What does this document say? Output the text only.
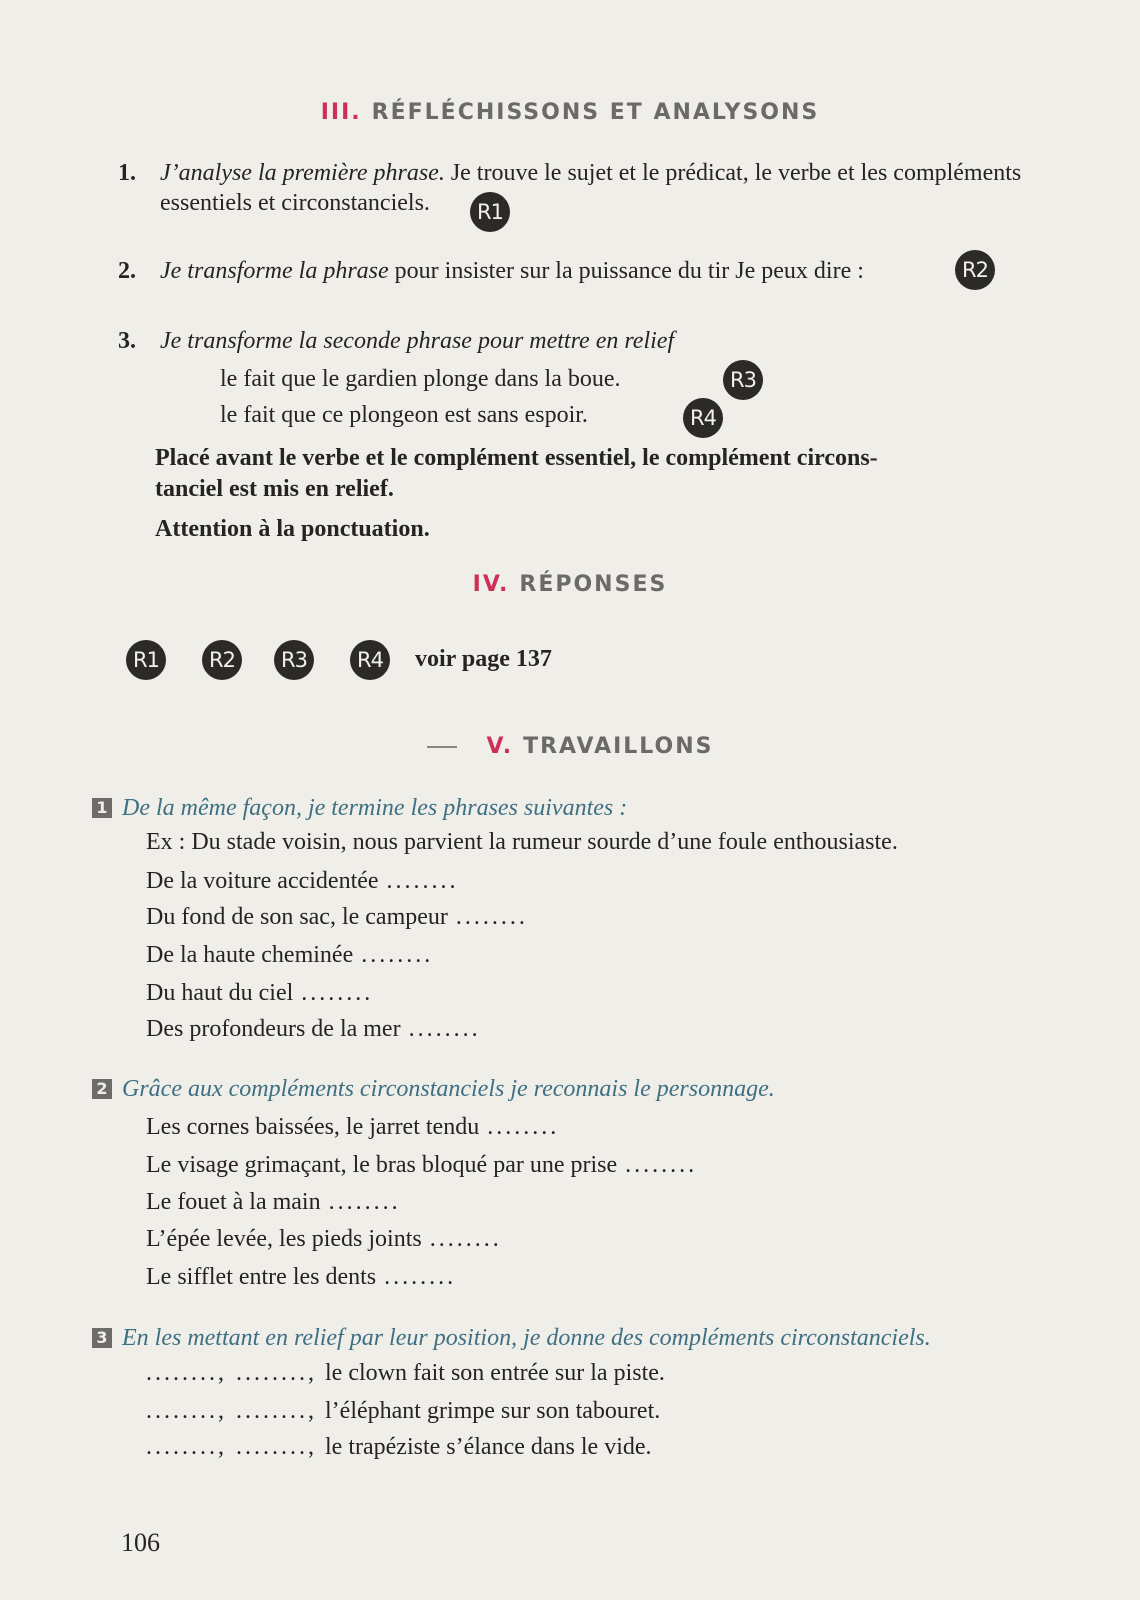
III. RÉFLÉCHISSONS ET ANALYSONS
1. J’analyse la première phrase. Je trouve le sujet et le prédicat, le verbe et les compléments
essentiels et circonstanciels.	R1
2. Je transforme la phrase pour insister sur la puissance du tir Je peux dire :	R2
3. Je transforme la seconde phrase pour mettre en relief
le fait que le gardien plonge dans la boue.	R3
le fait que ce plongeon est sans espoir.	R4
Placé avant le verbe et le complément essentiel, le complément circons-
tanciel est mis en relief.
Attention à la ponctuation.
IV. RÉPONSES
R1	R2	R3	R4 voir page 137
V. TRAVAILLONS
1 De la même façon, je termine les phrases suivantes :
Ex : Du stade voisin, nous parvient la rumeur sourde d’une foule enthousiaste.
De la voiture accidentée ........
Du fond de son sac, le campeur ........
De la haute cheminée ........
Du haut du ciel ........
Des profondeurs de la mer ........
2 Grâce aux compléments circonstanciels je reconnais le personnage.
Les cornes baissées, le jarret tendu ........
Le visage grimaçant, le bras bloqué par une prise ........
Le fouet à la main ........
L’épée levée, les pieds joints ........
Le sifflet entre les dents ........
3 En les mettant en relief par leur position, je donne des compléments circonstanciels.
........, ........, le clown fait son entrée sur la piste.
........, ........, l’éléphant grimpe sur son tabouret.
........, ........, le trapéziste s’élance dans le vide.
106
